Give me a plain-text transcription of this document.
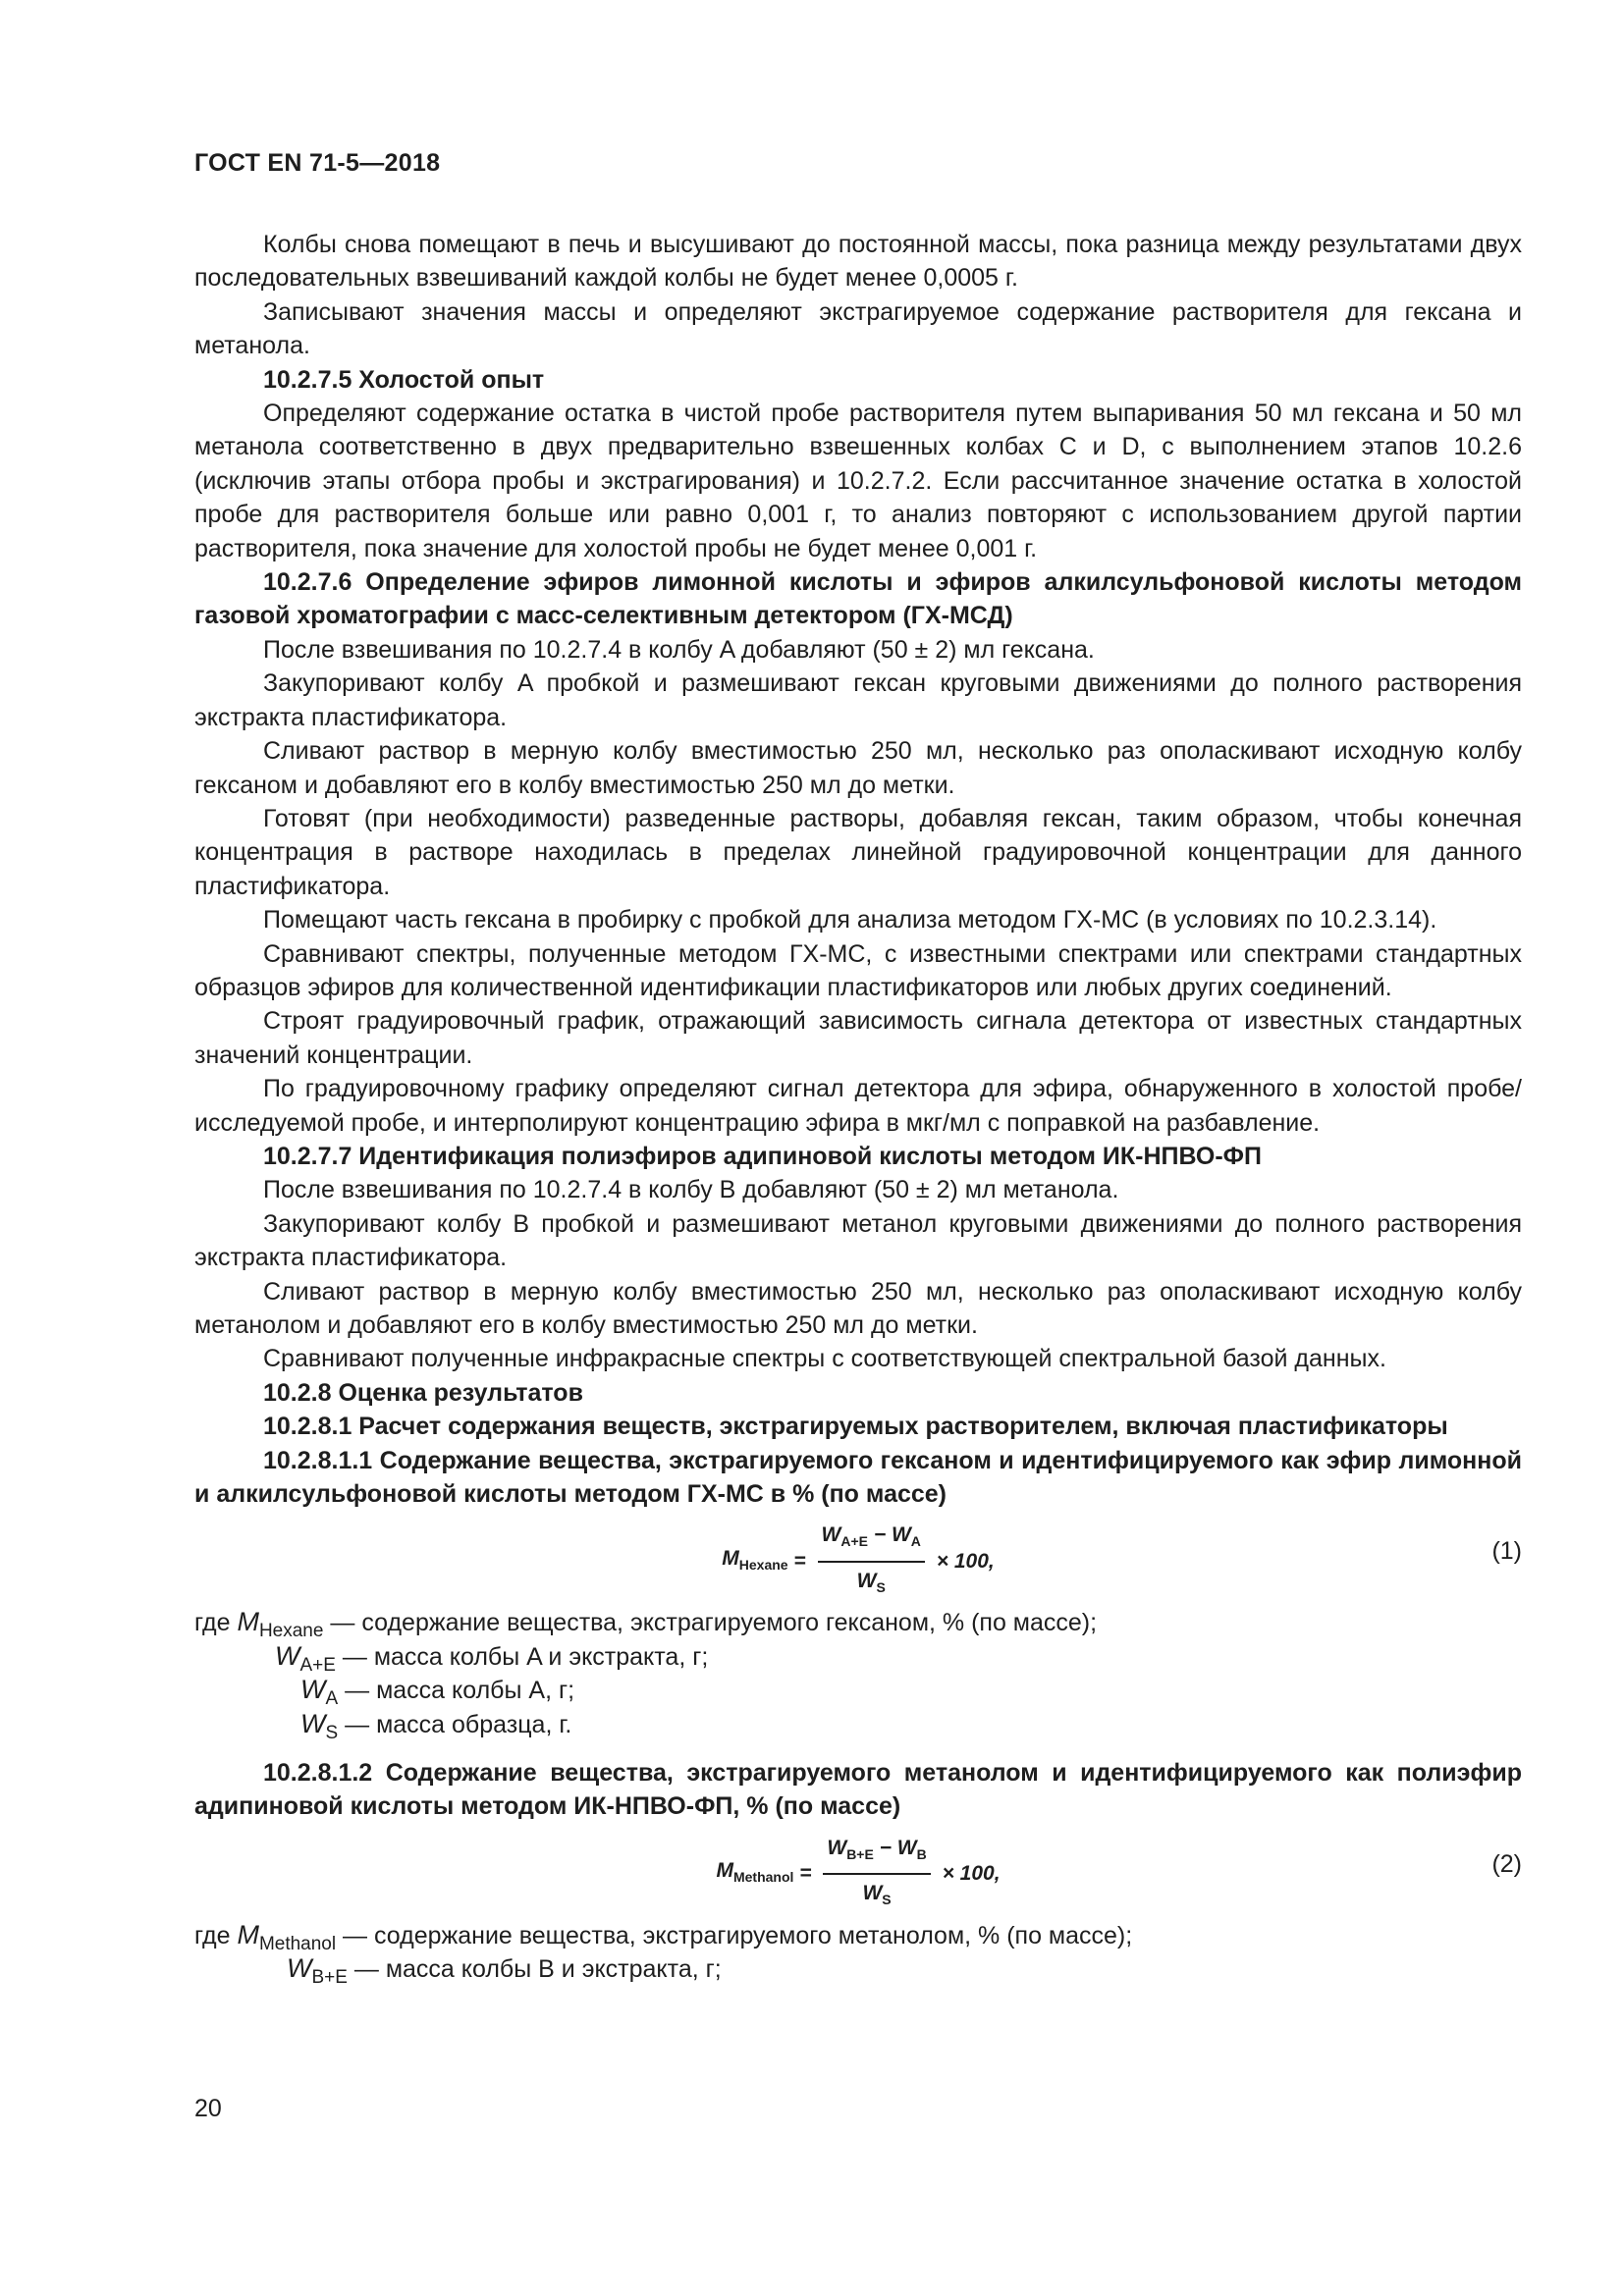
ГОСТ EN 71-5—2018

Колбы снова помещают в печь и высушивают до постоянной массы, пока разница между результатами двух последовательных взвешиваний каждой колбы не будет менее 0,0005 г.

Записывают значения массы и определяют экстрагируемое содержание растворителя для гексана и метанола.

10.2.7.5 Холостой опыт

Определяют содержание остатка в чистой пробе растворителя путем выпаривания 50 мл гексана и 50 мл метанола соответственно в двух предварительно взвешенных колбах C и D, с выполнением этапов 10.2.6 (исключив этапы отбора пробы и экстрагирования) и 10.2.7.2. Если рассчитанное значение остатка в холостой пробе для растворителя больше или равно 0,001 г, то анализ повторяют с использованием другой партии растворителя, пока значение для холостой пробы не будет менее 0,001 г.

10.2.7.6 Определение эфиров лимонной кислоты и эфиров алкилсульфоновой кислоты методом газовой хроматографии с масс-селективным детектором (ГХ-МСД)

После взвешивания по 10.2.7.4 в колбу A добавляют (50 ± 2) мл гексана.

Закупоривают колбу A пробкой и размешивают гексан круговыми движениями до полного растворения экстракта пластификатора.

Сливают раствор в мерную колбу вместимостью 250 мл, несколько раз ополаскивают исходную колбу гексаном и добавляют его в колбу вместимостью 250 мл до метки.

Готовят (при необходимости) разведенные растворы, добавляя гексан, таким образом, чтобы конечная концентрация в растворе находилась в пределах линейной градуировочной концентрации для данного пластификатора.

Помещают часть гексана в пробирку с пробкой для анализа методом ГХ-МС (в условиях по 10.2.3.14).

Сравнивают спектры, полученные методом ГХ-МС, с известными спектрами или спектрами стандартных образцов эфиров для количественной идентификации пластификаторов или любых других соединений.

Строят градуировочный график, отражающий зависимость сигнала детектора от известных стандартных значений концентрации.

По градуировочному графику определяют сигнал детектора для эфира, обнаруженного в холостой пробе/исследуемой пробе, и интерполируют концентрацию эфира в мкг/мл с поправкой на разбавление.

10.2.7.7 Идентификация полиэфиров адипиновой кислоты методом ИК-НПВО-ФП

После взвешивания по 10.2.7.4 в колбу B добавляют (50 ± 2) мл метанола.

Закупоривают колбу B пробкой и размешивают метанол круговыми движениями до полного растворения экстракта пластификатора.

Сливают раствор в мерную колбу вместимостью 250 мл, несколько раз ополаскивают исходную колбу метанолом и добавляют его в колбу вместимостью 250 мл до метки.

Сравнивают полученные инфракрасные спектры с соответствующей спектральной базой данных.

10.2.8 Оценка результатов

10.2.8.1 Расчет содержания веществ, экстрагируемых растворителем, включая пластификаторы

10.2.8.1.1 Содержание вещества, экстрагируемого гексаном и идентифицируемого как эфир лимонной и алкилсульфоновой кислоты методом ГХ-МС в % (по массе)

$M_{Hexane} = \frac{W_{A+E} - W_A}{W_S} \times 100$,	(1)
где $M_{Hexane}$ — содержание вещества, экстрагируемого гексаном, % (по массе);
$W_{A+E}$ — масса колбы A и экстракта, г;
$W_A$ — масса колбы A, г;
$W_S$ — масса образца, г.

10.2.8.1.2 Содержание вещества, экстрагируемого метанолом и идентифицируемого как полиэфир адипиновой кислоты методом ИК-НПВО-ФП, % (по массе)

$M_{Methanol} = \frac{W_{B+E} - W_B}{W_S} \times 100$,	(2)
где $M_{Methanol}$ — содержание вещества, экстрагируемого метанолом, % (по массе);
$W_{B+E}$ — масса колбы B и экстракта, г;
20
